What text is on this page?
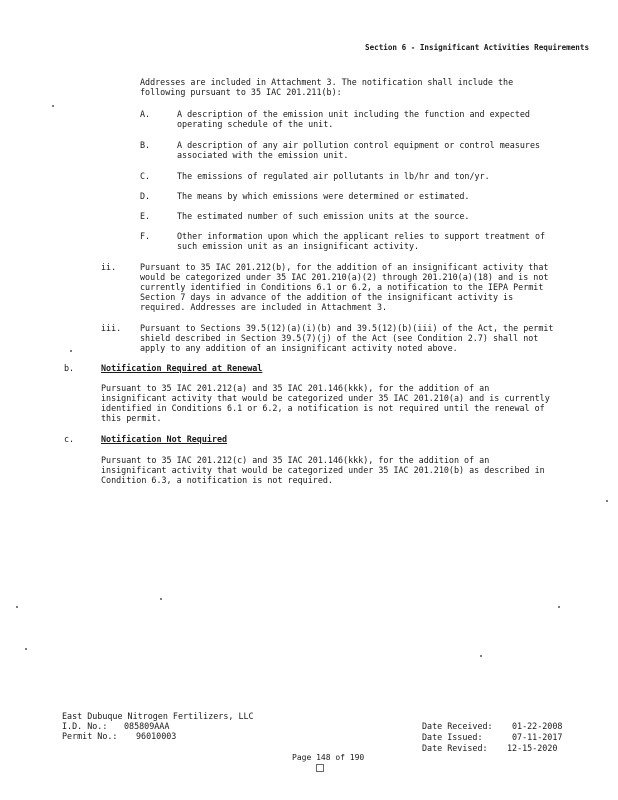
Section 6 - Insignificant Activities Requirements
Addresses are included in Attachment 3. The notification shall include the
following pursuant to 35 IAC 201.211(b):
A.	A description of the emission unit including the function and expected
operating schedule of the unit.
B.	A description of any air pollution control equipment or control measures
associated with the emission unit.
C.	The emissions of regulated air pollutants in lb/hr and ton/yr.
D.	The means by which emissions were determined or estimated.
E.	The estimated number of such emission units at the source.
F.	Other information upon which the applicant relies to support treatment of
such emission unit as an insignificant activity.
ii.	Pursuant to 35 IAC 201.212(b), for the addition of an insignificant activity that
would be categorized under 35 IAC 201.210(a)(2) through 201.210(a)(18) and is not
currently identified in Conditions 6.1 or 6.2, a notification to the IEPA Permit
Section 7 days in advance of the addition of the insignificant activity is
required. Addresses are included in Attachment 3.
iii. Pursuant to Sections 39.5(12)(a)(i)(b) and 39.5(12)(b)(iii) of the Act, the permit
shield described in Section 39.5(7)(j) of the Act (see Condition 2.7) shall not
apply to any addition of an insignificant activity noted above.
b.	Notification Required at Renewal
Pursuant to 35 IAC 201.212(a) and 35 IAC 201.146(kkk), for the addition of an
insignificant activity that would be categorized under 35 IAC 201.210(a) and is currently
identified in Conditions 6.1 or 6.2, a notification is not required until the renewal of
this permit.
c.	Notification Not Required
Pursuant to 35 IAC 201.212(c) and 35 IAC 201.146(kkk), for the addition of an
insignificant activity that would be categorized under 35 IAC 201.210(b) as described in
Condition 6.3, a notification is not required.
East Dubuque Nitrogen Fertilizers, LLC
I.D. No.: 085809AAA
Permit No.: 96010003
Date Received: 01-22-2008
Date Issued:	07-11-2017
Date Revised: 12-15-2020
Page 148 of 190
